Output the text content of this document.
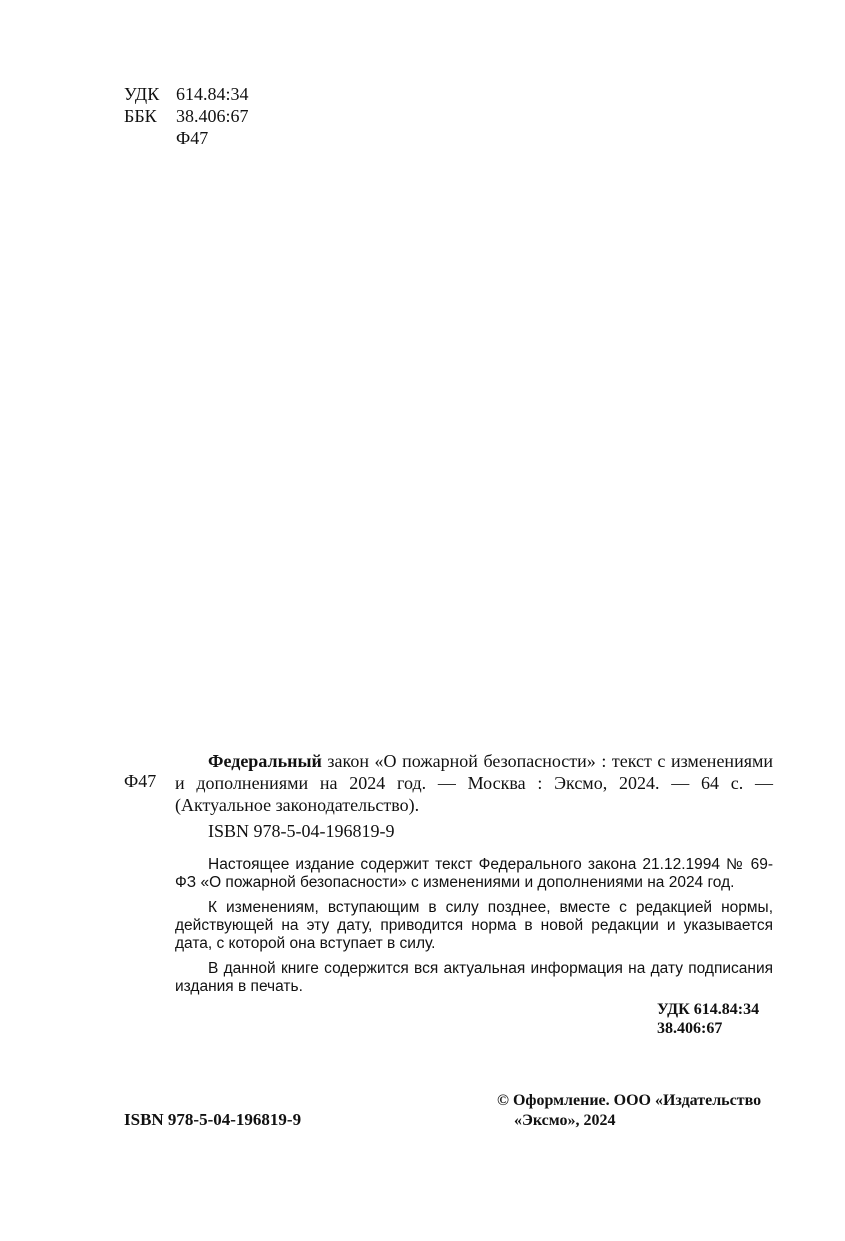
УДК 614.84:34
ББК 38.406:67
Ф47
Ф47

Федеральный закон «О пожарной безопасности» : текст с изменениями и дополнениями на 2024 год. — Москва : Эксмо, 2024. — 64 с. — (Актуальное законодательство).

ISBN 978-5-04-196819-9

Настоящее издание содержит текст Федерального закона 21.12.1994 № 69-ФЗ «О пожарной безопасности» с изменениями и дополнениями на 2024 год.

К изменениям, вступающим в силу позднее, вместе с редакцией нормы, действующей на эту дату, приводится норма в новой редакции и указывается дата, с которой она вступает в силу.

В данной книге содержится вся актуальная информация на дату подписания издания в печать.

УДК 614.84:34
38.406:67
ISBN 978-5-04-196819-9
© Оформление. ООО «Издательство
«Эксмо», 2024
